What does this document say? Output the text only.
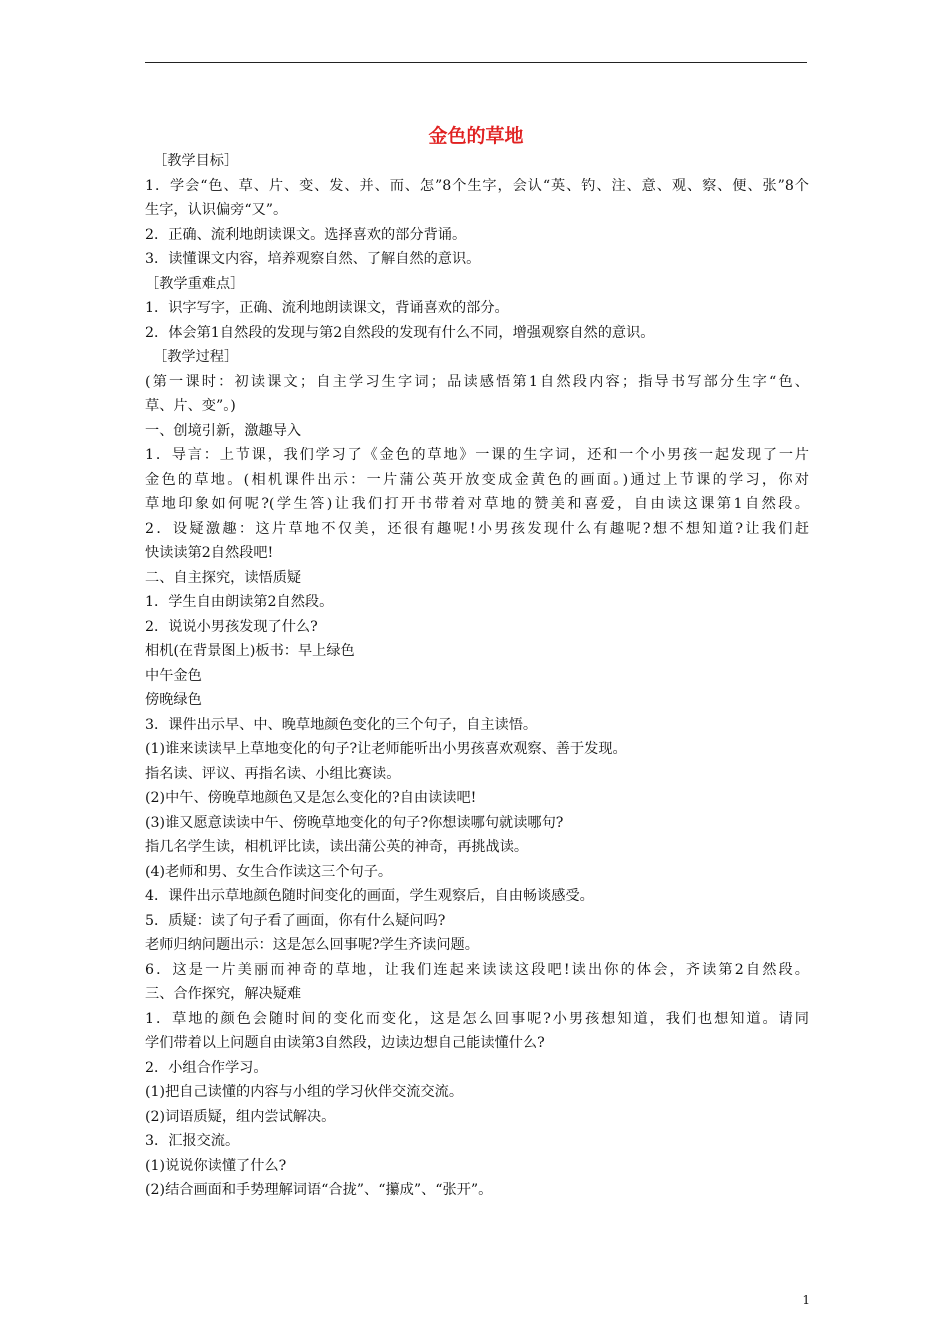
金色的草地
［教学目标］
1．学会“色、草、片、变、发、并、而、怎”8个生字，会认“英、钓、注、意、观、察、便、张”8个
生字，认识偏旁“又”。
2．正确、流利地朗读课文。选择喜欢的部分背诵。
3．读懂课文内容，培养观察自然、了解自然的意识。
［教学重难点］
1．识字写字，正确、流利地朗读课文，背诵喜欢的部分。
2．体会第1自然段的发现与第2自然段的发现有什么不同，增强观察自然的意识。
［教学过程］
(第一课时：初读课文；自主学习生字词；品读感悟第1自然段内容；指导书写部分生字“色、
草、片、变”。)
一、创境引新，激趣导入
1．导言：上节课，我们学习了《金色的草地》一课的生字词，还和一个小男孩一起发现了一片
金色的草地。(相机课件出示：一片蒲公英开放变成金黄色的画面。)通过上节课的学习，你对
草地印象如何呢?(学生答)让我们打开书带着对草地的赞美和喜爱，自由读这课第1自然段。
2．设疑激趣：这片草地不仅美，还很有趣呢!小男孩发现什么有趣呢?想不想知道?让我们赶
快读读第2自然段吧!
二、自主探究，读悟质疑
1．学生自由朗读第2自然段。
2．说说小男孩发现了什么?
相机(在背景图上)板书：早上绿色
中午金色
傍晚绿色
3．课件出示早、中、晚草地颜色变化的三个句子，自主读悟。
(1)谁来读读早上草地变化的句子?让老师能听出小男孩喜欢观察、善于发现。
指名读、评议、再指名读、小组比赛读。
(2)中午、傍晚草地颜色又是怎么变化的?自由读读吧!
(3)谁又愿意读读中午、傍晚草地变化的句子?你想读哪句就读哪句?
指几名学生读，相机评比读，读出蒲公英的神奇，再挑战读。
(4)老师和男、女生合作读这三个句子。
4．课件出示草地颜色随时间变化的画面，学生观察后，自由畅谈感受。
5．质疑：读了句子看了画面，你有什么疑问吗?
老师归纳问题出示：这是怎么回事呢?学生齐读问题。
6．这是一片美丽而神奇的草地，让我们连起来读读这段吧!读出你的体会，齐读第2自然段。
三、合作探究，解决疑难
1．草地的颜色会随时间的变化而变化，这是怎么回事呢?小男孩想知道，我们也想知道。请同
学们带着以上问题自由读第3自然段，边读边想自己能读懂什么?
2．小组合作学习。
(1)把自己读懂的内容与小组的学习伙伴交流交流。
(2)词语质疑，组内尝试解决。
3．汇报交流。
(1)说说你读懂了什么?
(2)结合画面和手势理解词语“合拢”、“攥成”、“张开”。
1
